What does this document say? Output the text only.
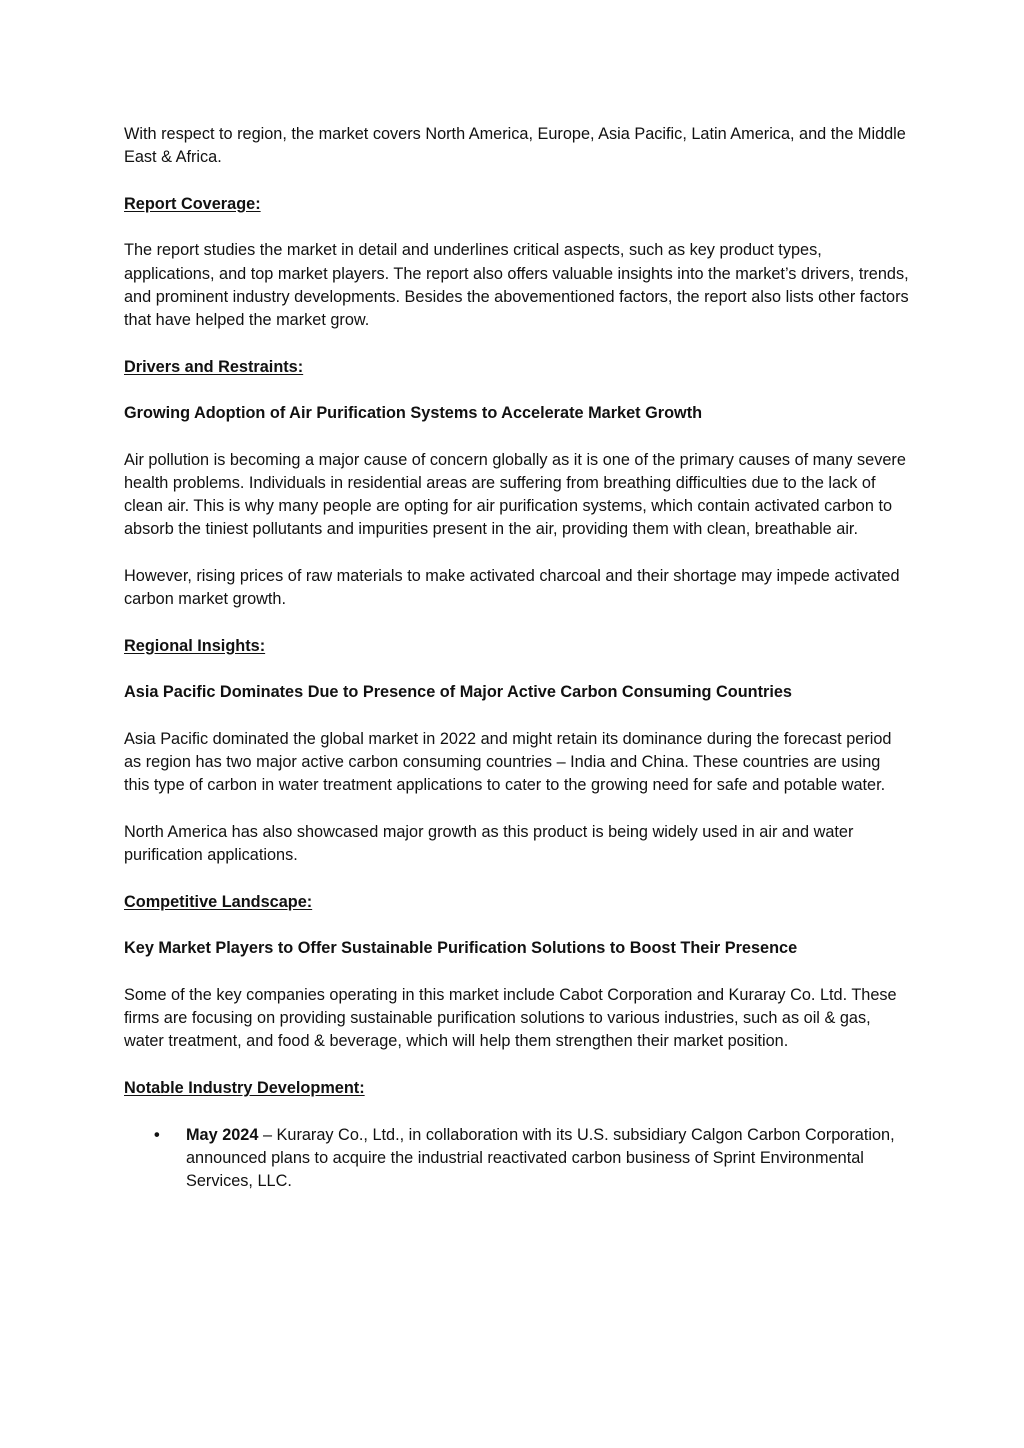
With respect to region, the market covers North America, Europe, Asia Pacific, Latin America, and the Middle East & Africa.

Report Coverage:

The report studies the market in detail and underlines critical aspects, such as key product types, applications, and top market players. The report also offers valuable insights into the market’s drivers, trends, and prominent industry developments. Besides the abovementioned factors, the report also lists other factors that have helped the market grow.

Drivers and Restraints:

Growing Adoption of Air Purification Systems to Accelerate Market Growth

Air pollution is becoming a major cause of concern globally as it is one of the primary causes of many severe health problems. Individuals in residential areas are suffering from breathing difficulties due to the lack of clean air. This is why many people are opting for air purification systems, which contain activated carbon to absorb the tiniest pollutants and impurities present in the air, providing them with clean, breathable air.

However, rising prices of raw materials to make activated charcoal and their shortage may impede activated carbon market growth.

Regional Insights:

Asia Pacific Dominates Due to Presence of Major Active Carbon Consuming Countries

Asia Pacific dominated the global market in 2022 and might retain its dominance during the forecast period as region has two major active carbon consuming countries – India and China. These countries are using this type of carbon in water treatment applications to cater to the growing need for safe and potable water.

North America has also showcased major growth as this product is being widely used in air and water purification applications.

Competitive Landscape:

Key Market Players to Offer Sustainable Purification Solutions to Boost Their Presence

Some of the key companies operating in this market include Cabot Corporation and Kuraray Co. Ltd. These firms are focusing on providing sustainable purification solutions to various industries, such as oil & gas, water treatment, and food & beverage, which will help them strengthen their market position.

Notable Industry Development:

• May 2024 – Kuraray Co., Ltd., in collaboration with its U.S. subsidiary Calgon Carbon Corporation, announced plans to acquire the industrial reactivated carbon business of Sprint Environmental Services, LLC.
